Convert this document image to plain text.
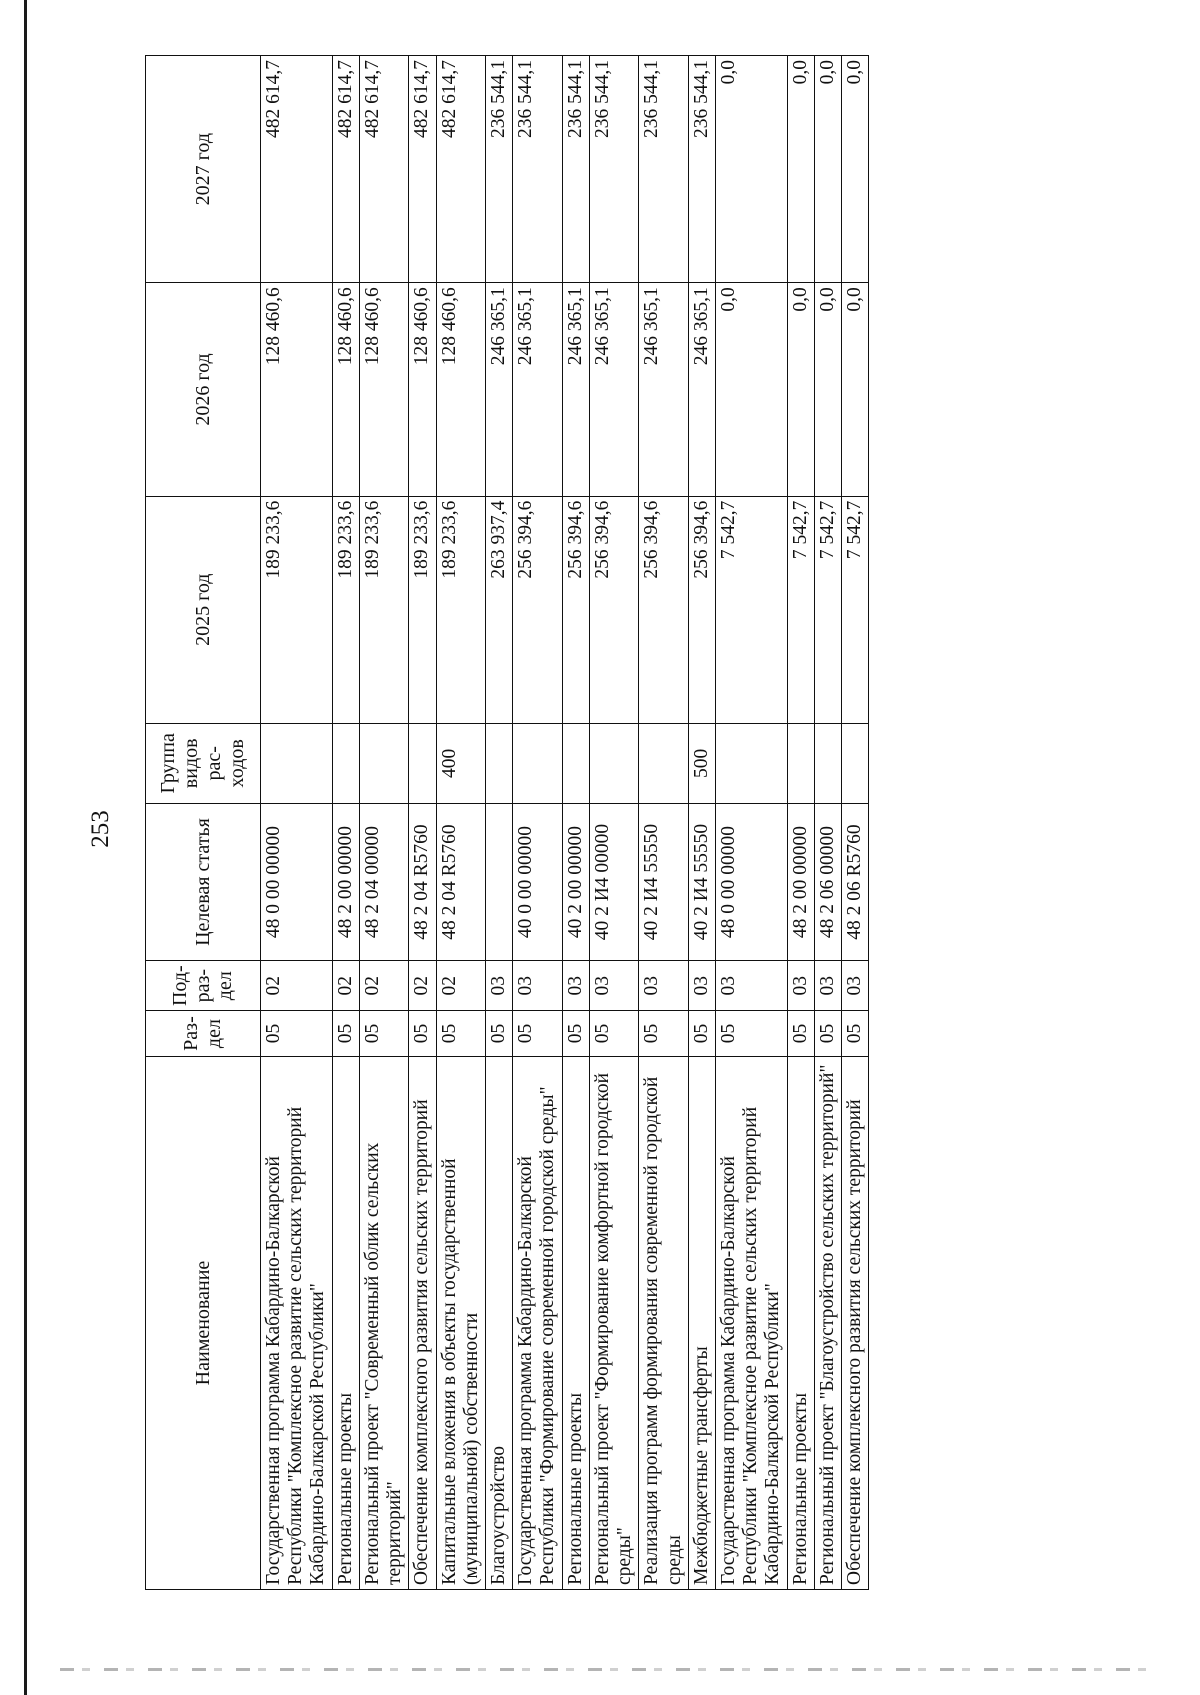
253
Наименование	Раз- дел	Под- раз- дел	Целевая статья	Группа видов рас- ходов	2025 год	2026 год	2027 год
Государственная программа Кабардино-Балкарской Республики "Комплексное развитие сельских территорий Кабардино-Балкарской Республики"	05	02	48 0 00 00000		189 233,6	128 460,6	482 614,7
Региональные проекты	05	02	48 2 00 00000		189 233,6	128 460,6	482 614,7
Региональный проект "Современный облик сельских территорий"	05	02	48 2 04 00000		189 233,6	128 460,6	482 614,7
Обеспечение комплексного развития сельских территорий	05	02	48 2 04 R5760		189 233,6	128 460,6	482 614,7
Капитальные вложения в объекты государственной (муниципальной) собственности	05	02	48 2 04 R5760	400	189 233,6	128 460,6	482 614,7
Благоустройство	05	03			263 937,4	246 365,1	236 544,1
Государственная программа Кабардино-Балкарской Республики "Формирование современной городской среды"	05	03	40 0 00 00000		256 394,6	246 365,1	236 544,1
Региональные проекты	05	03	40 2 00 00000		256 394,6	246 365,1	236 544,1
Региональный проект "Формирование комфортной городской среды"	05	03	40 2 И4 00000		256 394,6	246 365,1	236 544,1
Реализация программ формирования современной городской среды	05	03	40 2 И4 55550		256 394,6	246 365,1	236 544,1
Межбюджетные трансферты	05	03	40 2 И4 55550	500	256 394,6	246 365,1	236 544,1
Государственная программа Кабардино-Балкарской Республики "Комплексное развитие сельских территорий Кабардино-Балкарской Республики"	05	03	48 0 00 00000		7 542,7	0,0	0,0
Региональные проекты	05	03	48 2 00 00000		7 542,7	0,0	0,0
Региональный проект "Благоустройство сельских территорий"	05	03	48 2 06 00000		7 542,7	0,0	0,0
Обеспечение комплексного развития сельских территорий	05	03	48 2 06 R5760		7 542,7	0,0	0,0
